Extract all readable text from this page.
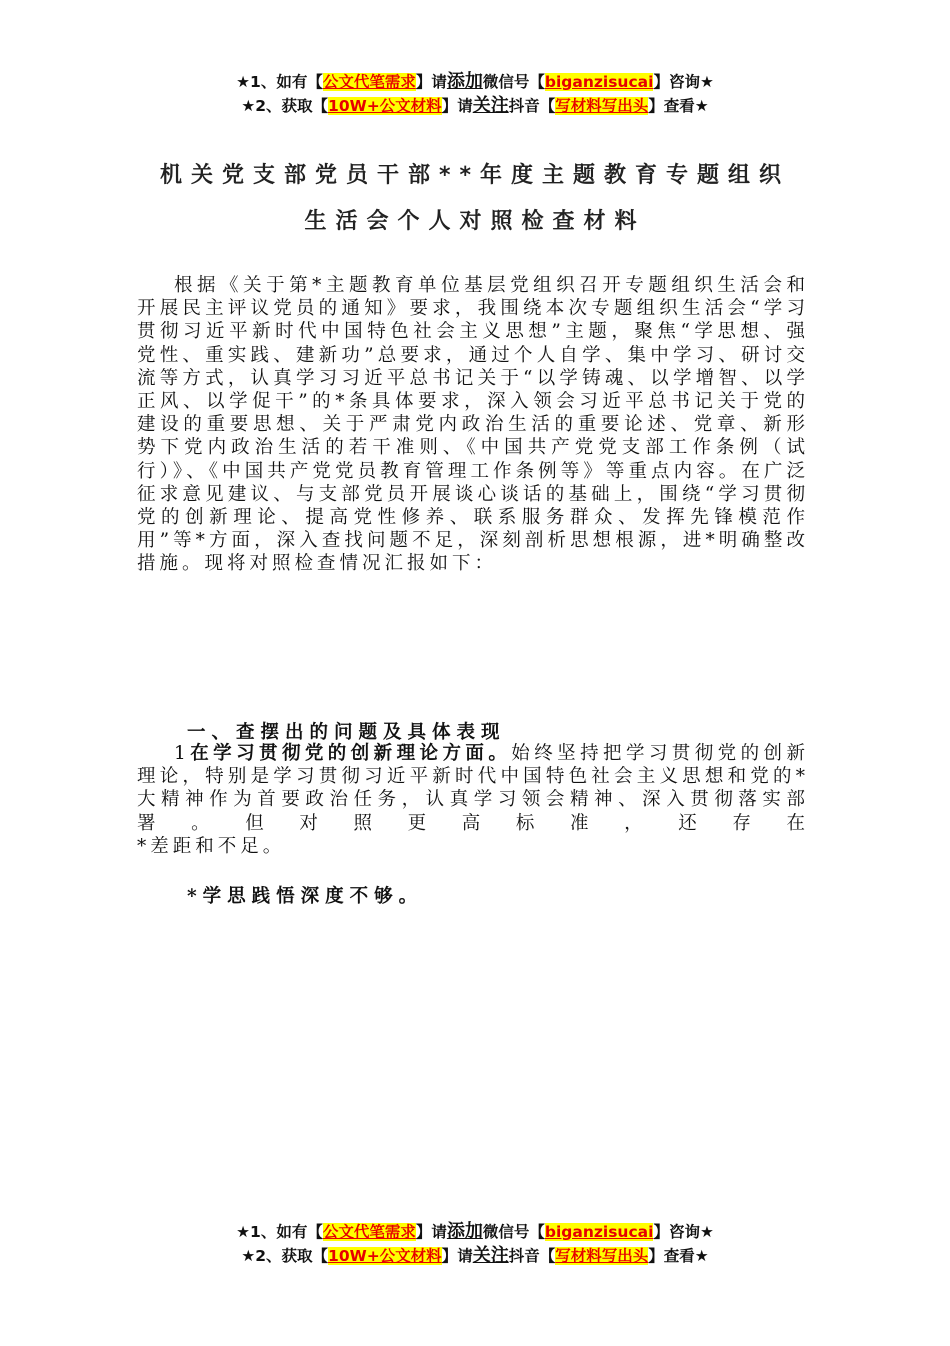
★1、如有【公文代笔需求】请添加微信号【biganzisucai】咨询★
★2、获取【10W+公文材料】请关注抖音【写材料写出头】查看★
机关党支部党员干部**年度主题教育专题组织
生活会个人对照检查材料
根据《关于第*主题教育单位基层党组织召开专题组织生活会和开展民主评议党员的通知》要求，我围绕本次专题组织生活会“学习贯彻习近平新时代中国特色社会主义思想”主题，聚焦“学思想、强党性、重实践、建新功”总要求，通过个人自学、集中学习、研讨交流等方式，认真学习习近平总书记关于“以学铸魂、以学增智、以学正风、以学促干”的*条具体要求，深入领会习近平总书记关于党的建设的重要思想、关于严肃党内政治生活的重要论述、党章、新形势下党内政治生活的若干准则、《中国共产党党支部工作条例（试行）》、《中国共产党党员教育管理工作条例等》等重点内容。在广泛征求意见建议、与支部党员开展谈心谈话的基础上，围绕“学习贯彻党的创新理论、提高党性修养、联系服务群众、发挥先锋模范作用”等*方面，深入查找问题不足，深刻剖析思想根源，进*明确整改
措施。现将对照检查情况汇报如下：
一、查摆出的问题及具体表现
1在学习贯彻党的创新理论方面。始终坚持把学习贯彻党的创新理论，特别是学习贯彻习近平新时代中国特色社会主义思想和党的*大精神作为首要政治任务，认真学习领会精神、深入贯彻落实部署。但对照更高标准，还存在
*差距和不足。
*学思践悟深度不够。
★1、如有【公文代笔需求】请添加微信号【biganzisucai】咨询★
★2、获取【10W+公文材料】请关注抖音【写材料写出头】查看★
